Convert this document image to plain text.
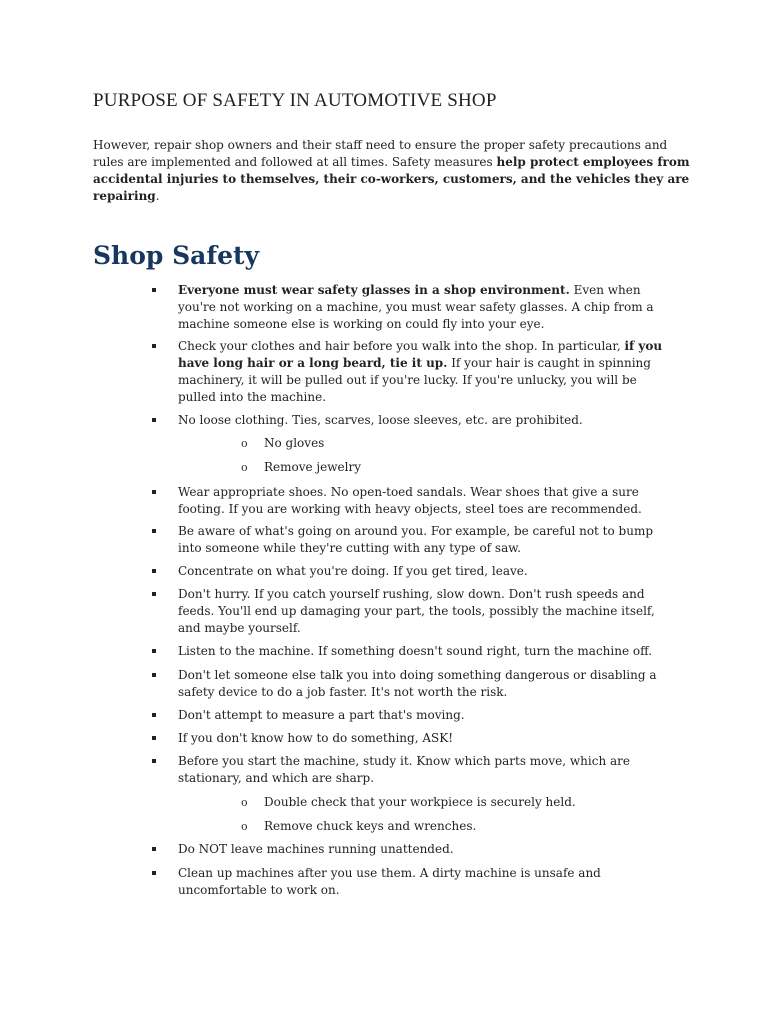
PURPOSE OF SAFETY IN AUTOMOTIVE SHOP

However, repair shop owners and their staff need to ensure the proper safety precautions and rules are implemented and followed at all times. Safety measures help protect employees from accidental injuries to themselves, their co-workers, customers, and the vehicles they are repairing.

Shop Safety
Everyone must wear safety glasses in a shop environment. Even when you're not working on a machine, you must wear safety glasses. A chip from a machine someone else is working on could fly into your eye.
Check your clothes and hair before you walk into the shop. In particular, if you have long hair or a long beard, tie it up. If your hair is caught in spinning machinery, it will be pulled out if you're lucky. If you're unlucky, you will be pulled into the machine.
No loose clothing. Ties, scarves, loose sleeves, etc. are prohibited.
o No gloves
o Remove jewelry
Wear appropriate shoes. No open-toed sandals. Wear shoes that give a sure footing. If you are working with heavy objects, steel toes are recommended.
Be aware of what's going on around you. For example, be careful not to bump into someone while they're cutting with any type of saw.
Concentrate on what you're doing. If you get tired, leave.
Don't hurry. If you catch yourself rushing, slow down. Don't rush speeds and feeds. You'll end up damaging your part, the tools, possibly the machine itself, and maybe yourself.
Listen to the machine. If something doesn't sound right, turn the machine off.
Don't let someone else talk you into doing something dangerous or disabling a safety device to do a job faster. It's not worth the risk.
Don't attempt to measure a part that's moving.
If you don't know how to do something, ASK!
Before you start the machine, study it. Know which parts move, which are stationary, and which are sharp.
o Double check that your workpiece is securely held.
o Remove chuck keys and wrenches.
Do NOT leave machines running unattended.
Clean up machines after you use them. A dirty machine is unsafe and uncomfortable to work on.
